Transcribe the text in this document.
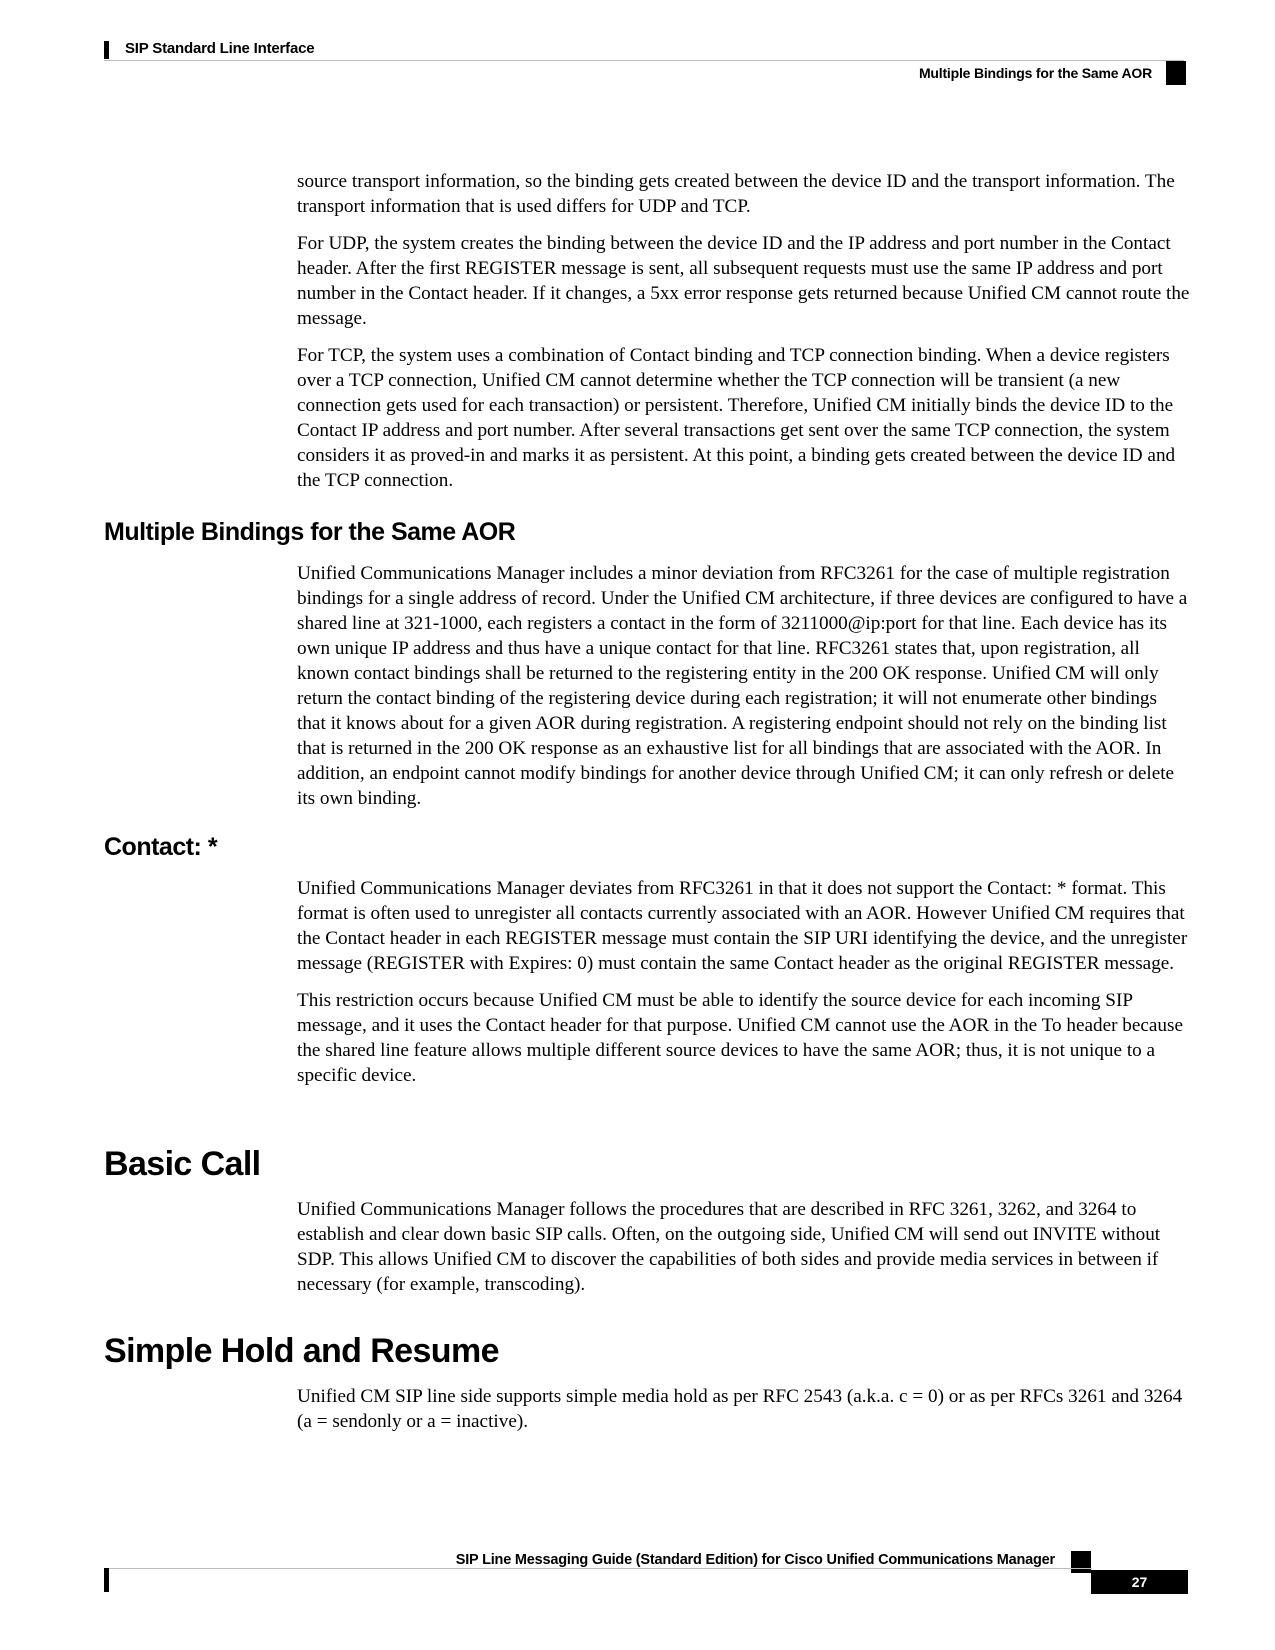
SIP Standard Line Interface
Multiple Bindings for the Same AOR

source transport information, so the binding gets created between the device ID and the transport information. The transport information that is used differs for UDP and TCP.

For UDP, the system creates the binding between the device ID and the IP address and port number in the Contact header. After the first REGISTER message is sent, all subsequent requests must use the same IP address and port number in the Contact header. If it changes, a 5xx error response gets returned because Unified CM cannot route the message.

For TCP, the system uses a combination of Contact binding and TCP connection binding. When a device registers over a TCP connection, Unified CM cannot determine whether the TCP connection will be transient (a new connection gets used for each transaction) or persistent. Therefore, Unified CM initially binds the device ID to the Contact IP address and port number. After several transactions get sent over the same TCP connection, the system considers it as proved-in and marks it as persistent. At this point, a binding gets created between the device ID and the TCP connection.

Multiple Bindings for the Same AOR

Unified Communications Manager includes a minor deviation from RFC3261 for the case of multiple registration bindings for a single address of record. Under the Unified CM architecture, if three devices are configured to have a shared line at 321-1000, each registers a contact in the form of 3211000@ip:port for that line. Each device has its own unique IP address and thus have a unique contact for that line. RFC3261 states that, upon registration, all known contact bindings shall be returned to the registering entity in the 200 OK response. Unified CM will only return the contact binding of the registering device during each registration; it will not enumerate other bindings that it knows about for a given AOR during registration. A registering endpoint should not rely on the binding list that is returned in the 200 OK response as an exhaustive list for all bindings that are associated with the AOR. In addition, an endpoint cannot modify bindings for another device through Unified CM; it can only refresh or delete its own binding.

Contact: *

Unified Communications Manager deviates from RFC3261 in that it does not support the Contact: * format. This format is often used to unregister all contacts currently associated with an AOR. However Unified CM requires that the Contact header in each REGISTER message must contain the SIP URI identifying the device, and the unregister message (REGISTER with Expires: 0) must contain the same Contact header as the original REGISTER message.

This restriction occurs because Unified CM must be able to identify the source device for each incoming SIP message, and it uses the Contact header for that purpose. Unified CM cannot use the AOR in the To header because the shared line feature allows multiple different source devices to have the same AOR; thus, it is not unique to a specific device.

Basic Call

Unified Communications Manager follows the procedures that are described in RFC 3261, 3262, and 3264 to establish and clear down basic SIP calls. Often, on the outgoing side, Unified CM will send out INVITE without SDP. This allows Unified CM to discover the capabilities of both sides and provide media services in between if necessary (for example, transcoding).

Simple Hold and Resume

Unified CM SIP line side supports simple media hold as per RFC 2543 (a.k.a. c = 0) or as per RFCs 3261 and 3264 (a = sendonly or a = inactive).

SIP Line Messaging Guide (Standard Edition) for Cisco Unified Communications Manager
27
